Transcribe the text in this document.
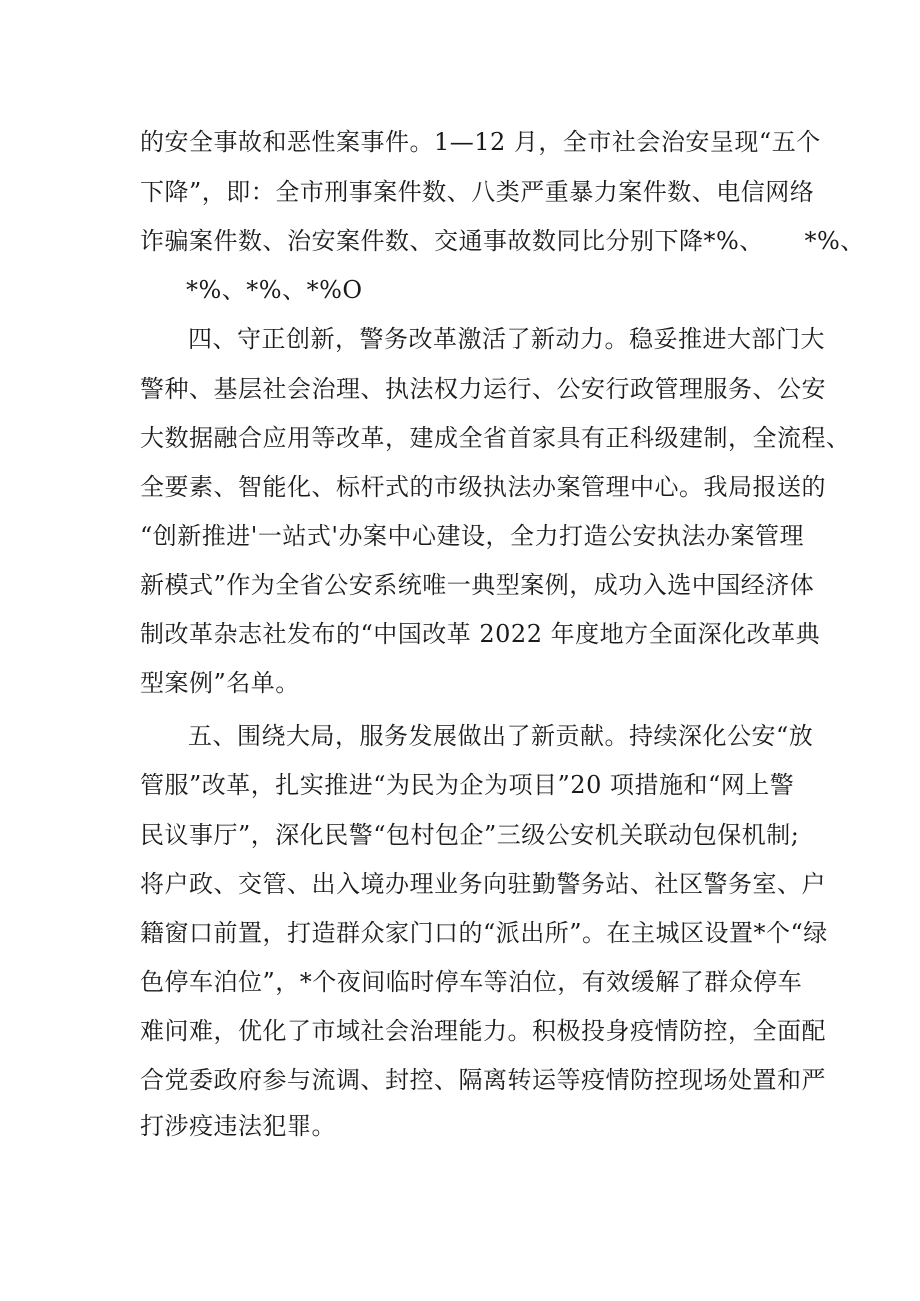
的安全事故和恶性案事件。1—12 月，全市社会治安呈现“五个
下降”，即：全市刑事案件数、八类严重暴力案件数、电信网络
诈骗案件数、治安案件数、交通事故数同比分别下降*%、     *%、
*%、*%、*%O
四、守正创新，警务改革激活了新动力。稳妥推进大部门大
警种、基层社会治理、执法权力运行、公安行政管理服务、公安
大数据融合应用等改革，建成全省首家具有正科级建制，全流程、
全要素、智能化、标杆式的市级执法办案管理中心。我局报送的
“创新推进'一站式'办案中心建设，全力打造公安执法办案管理
新模式”作为全省公安系统唯一典型案例，成功入选中国经济体
制改革杂志社发布的“中国改革 2022 年度地方全面深化改革典
型案例”名单。
五、围绕大局，服务发展做出了新贡献。持续深化公安“放
管服”改革，扎实推进“为民为企为项目”20 项措施和“网上警
民议事厅”，深化民警“包村包企”三级公安机关联动包保机制;
将户政、交管、出入境办理业务向驻勤警务站、社区警务室、户
籍窗口前置，打造群众家门口的“派出所”。在主城区设置*个“绿
色停车泊位”，*个夜间临时停车等泊位，有效缓解了群众停车
难问难，优化了市域社会治理能力。积极投身疫情防控，全面配
合党委政府参与流调、封控、隔离转运等疫情防控现场处置和严
打涉疫违法犯罪。
